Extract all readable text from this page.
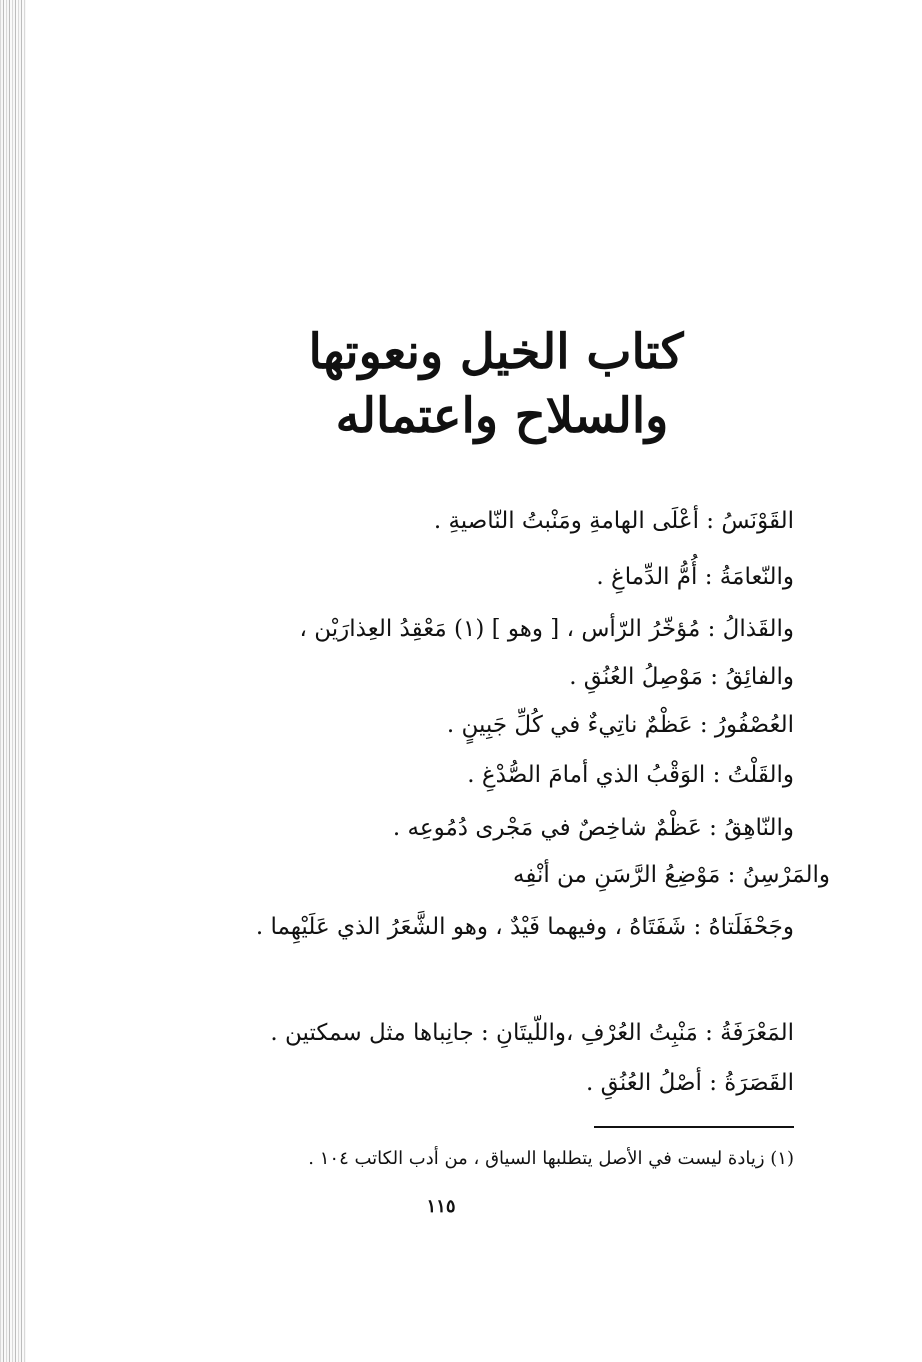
كتاب الخيل ونعوتها
والسلاح واعتماله
القَوْنَسُ : أعْلَى الهامةِ ومَنْبتُ النّاصيةِ .
والنّعامَةُ : أُمُّ الدِّماغِ .
والقَذالُ : مُؤخّرُ الرّأس ، [ وهو ] (١) مَعْقِدُ العِذارَيْن ،
والفائِقُ : مَوْصِلُ العُنُقِ .
العُصْفُورُ : عَظْمٌ ناتِيءٌ في كُلِّ جَبِينٍ .
والقَلْتُ : الوَقْبُ الذي أمامَ الصُّدْغِ .
والنّاهِقُ : عَظْمٌ شاخِصٌ في مَجْرى دُمُوعِه .
والمَرْسِنُ : مَوْضِعُ الرَّسَنِ من أنْفِه
وجَحْفَلَتاهُ : شَفَتَاهُ ، وفيهما فَيْدٌ ، وهو الشَّعَرُ الذي عَلَيْهِما .
المَعْرَفَةُ : مَنْبِتُ العُرْفِ ،واللّيتَانِ : جانِباها مثل سمكتين .
القَصَرَةُ : أصْلُ العُنُقِ .
(١) زيادة ليست في الأصل يتطلبها السياق ، من أدب الكاتب ١٠٤ .
١١٥
